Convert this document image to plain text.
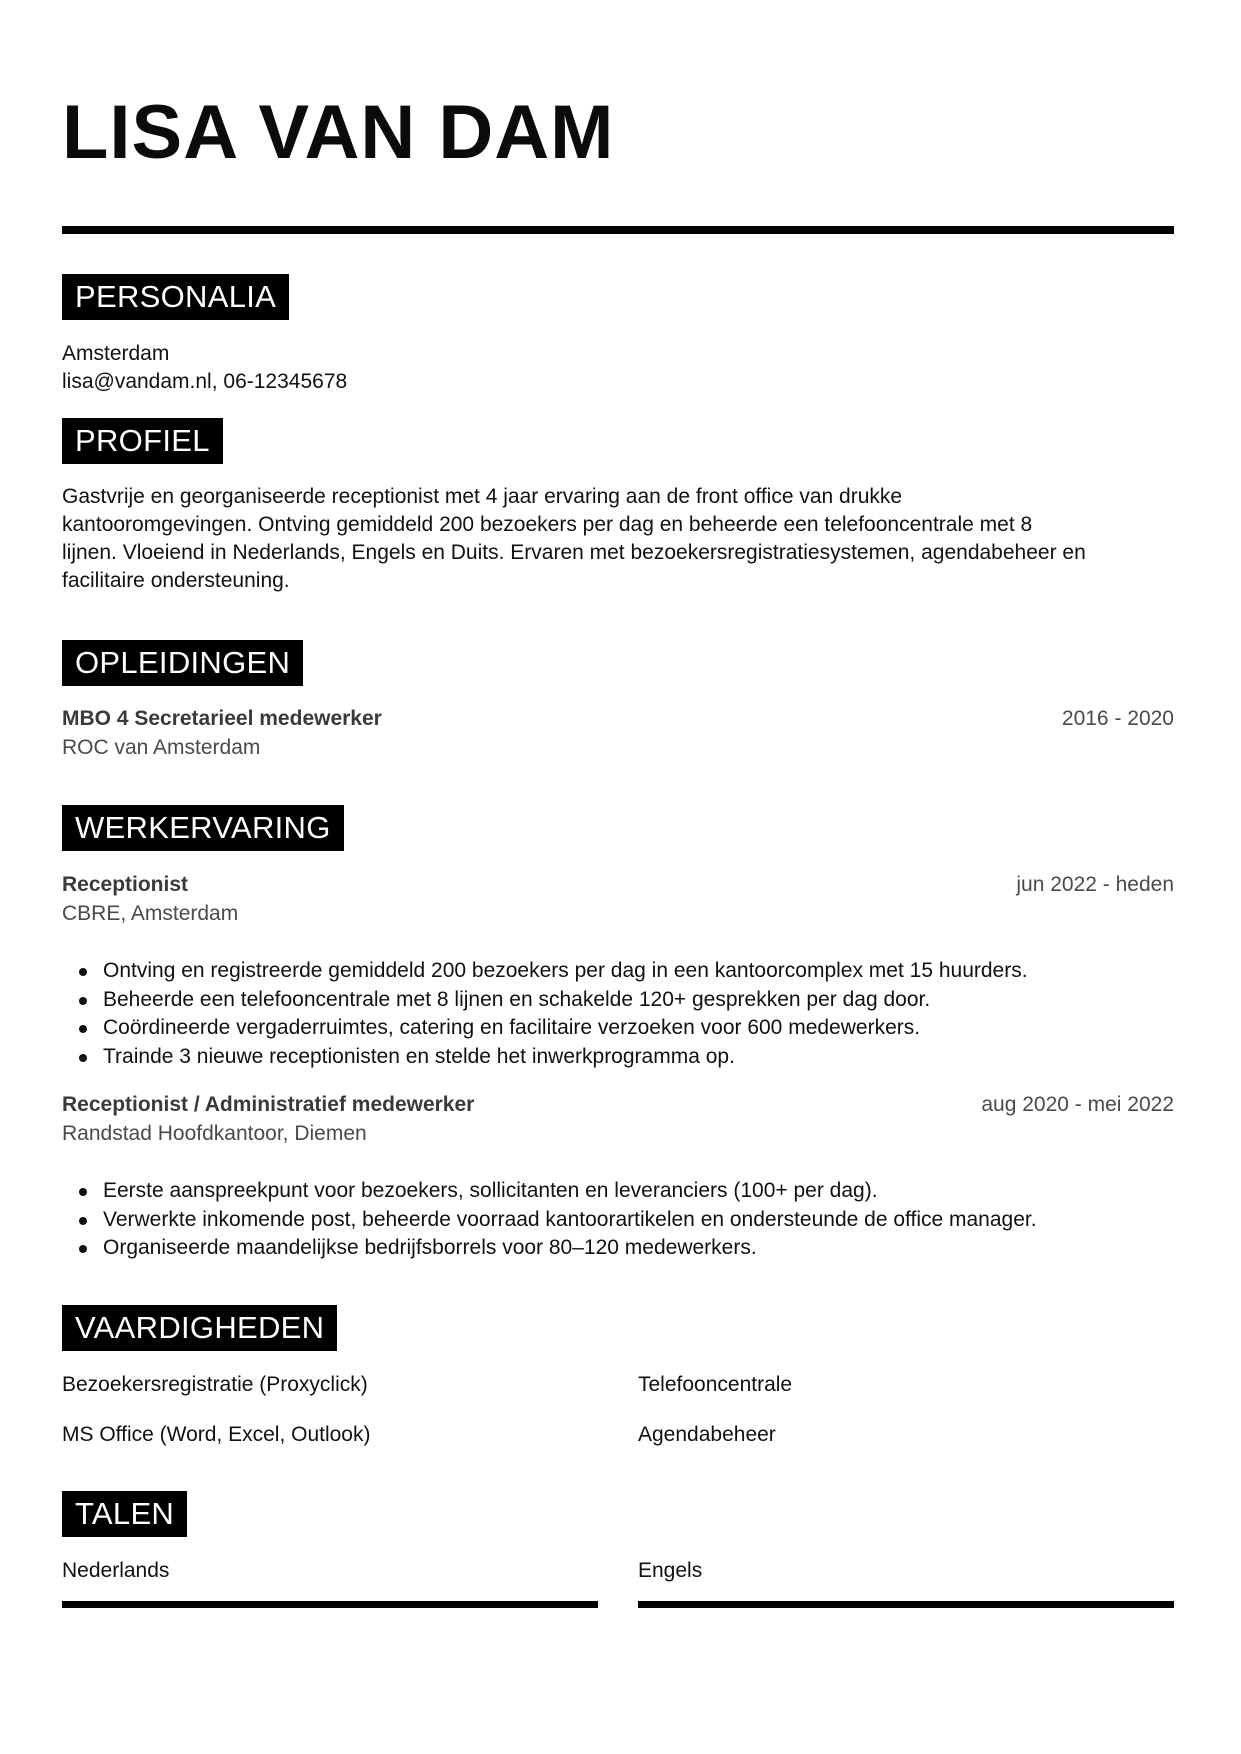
LISA VAN DAM
PERSONALIA
Amsterdam
lisa@vandam.nl, 06-12345678
PROFIEL
Gastvrije en georganiseerde receptionist met 4 jaar ervaring aan de front office van drukke
kantooromgevingen. Ontving gemiddeld 200 bezoekers per dag en beheerde een telefooncentrale met 8
lijnen. Vloeiend in Nederlands, Engels en Duits. Ervaren met bezoekersregistratiesystemen, agendabeheer en
facilitaire ondersteuning.
OPLEIDINGEN
MBO 4 Secretarieel medewerker	2016 - 2020
ROC van Amsterdam
WERKERVARING
Receptionist	jun 2022 - heden
CBRE, Amsterdam
Ontving en registreerde gemiddeld 200 bezoekers per dag in een kantoorcomplex met 15 huurders.
Beheerde een telefooncentrale met 8 lijnen en schakelde 120+ gesprekken per dag door.
Coördineerde vergaderruimtes, catering en facilitaire verzoeken voor 600 medewerkers.
Trainde 3 nieuwe receptionisten en stelde het inwerkprogramma op.
Receptionist / Administratief medewerker	aug 2020 - mei 2022
Randstad Hoofdkantoor, Diemen
Eerste aanspreekpunt voor bezoekers, sollicitanten en leveranciers (100+ per dag).
Verwerkte inkomende post, beheerde voorraad kantoorartikelen en ondersteunde de office manager.
Organiseerde maandelijkse bedrijfsborrels voor 80–120 medewerkers.
VAARDIGHEDEN
Bezoekersregistratie (Proxyclick)	Telefooncentrale
MS Office (Word, Excel, Outlook)	Agendabeheer
TALEN
Nederlands	Engels
